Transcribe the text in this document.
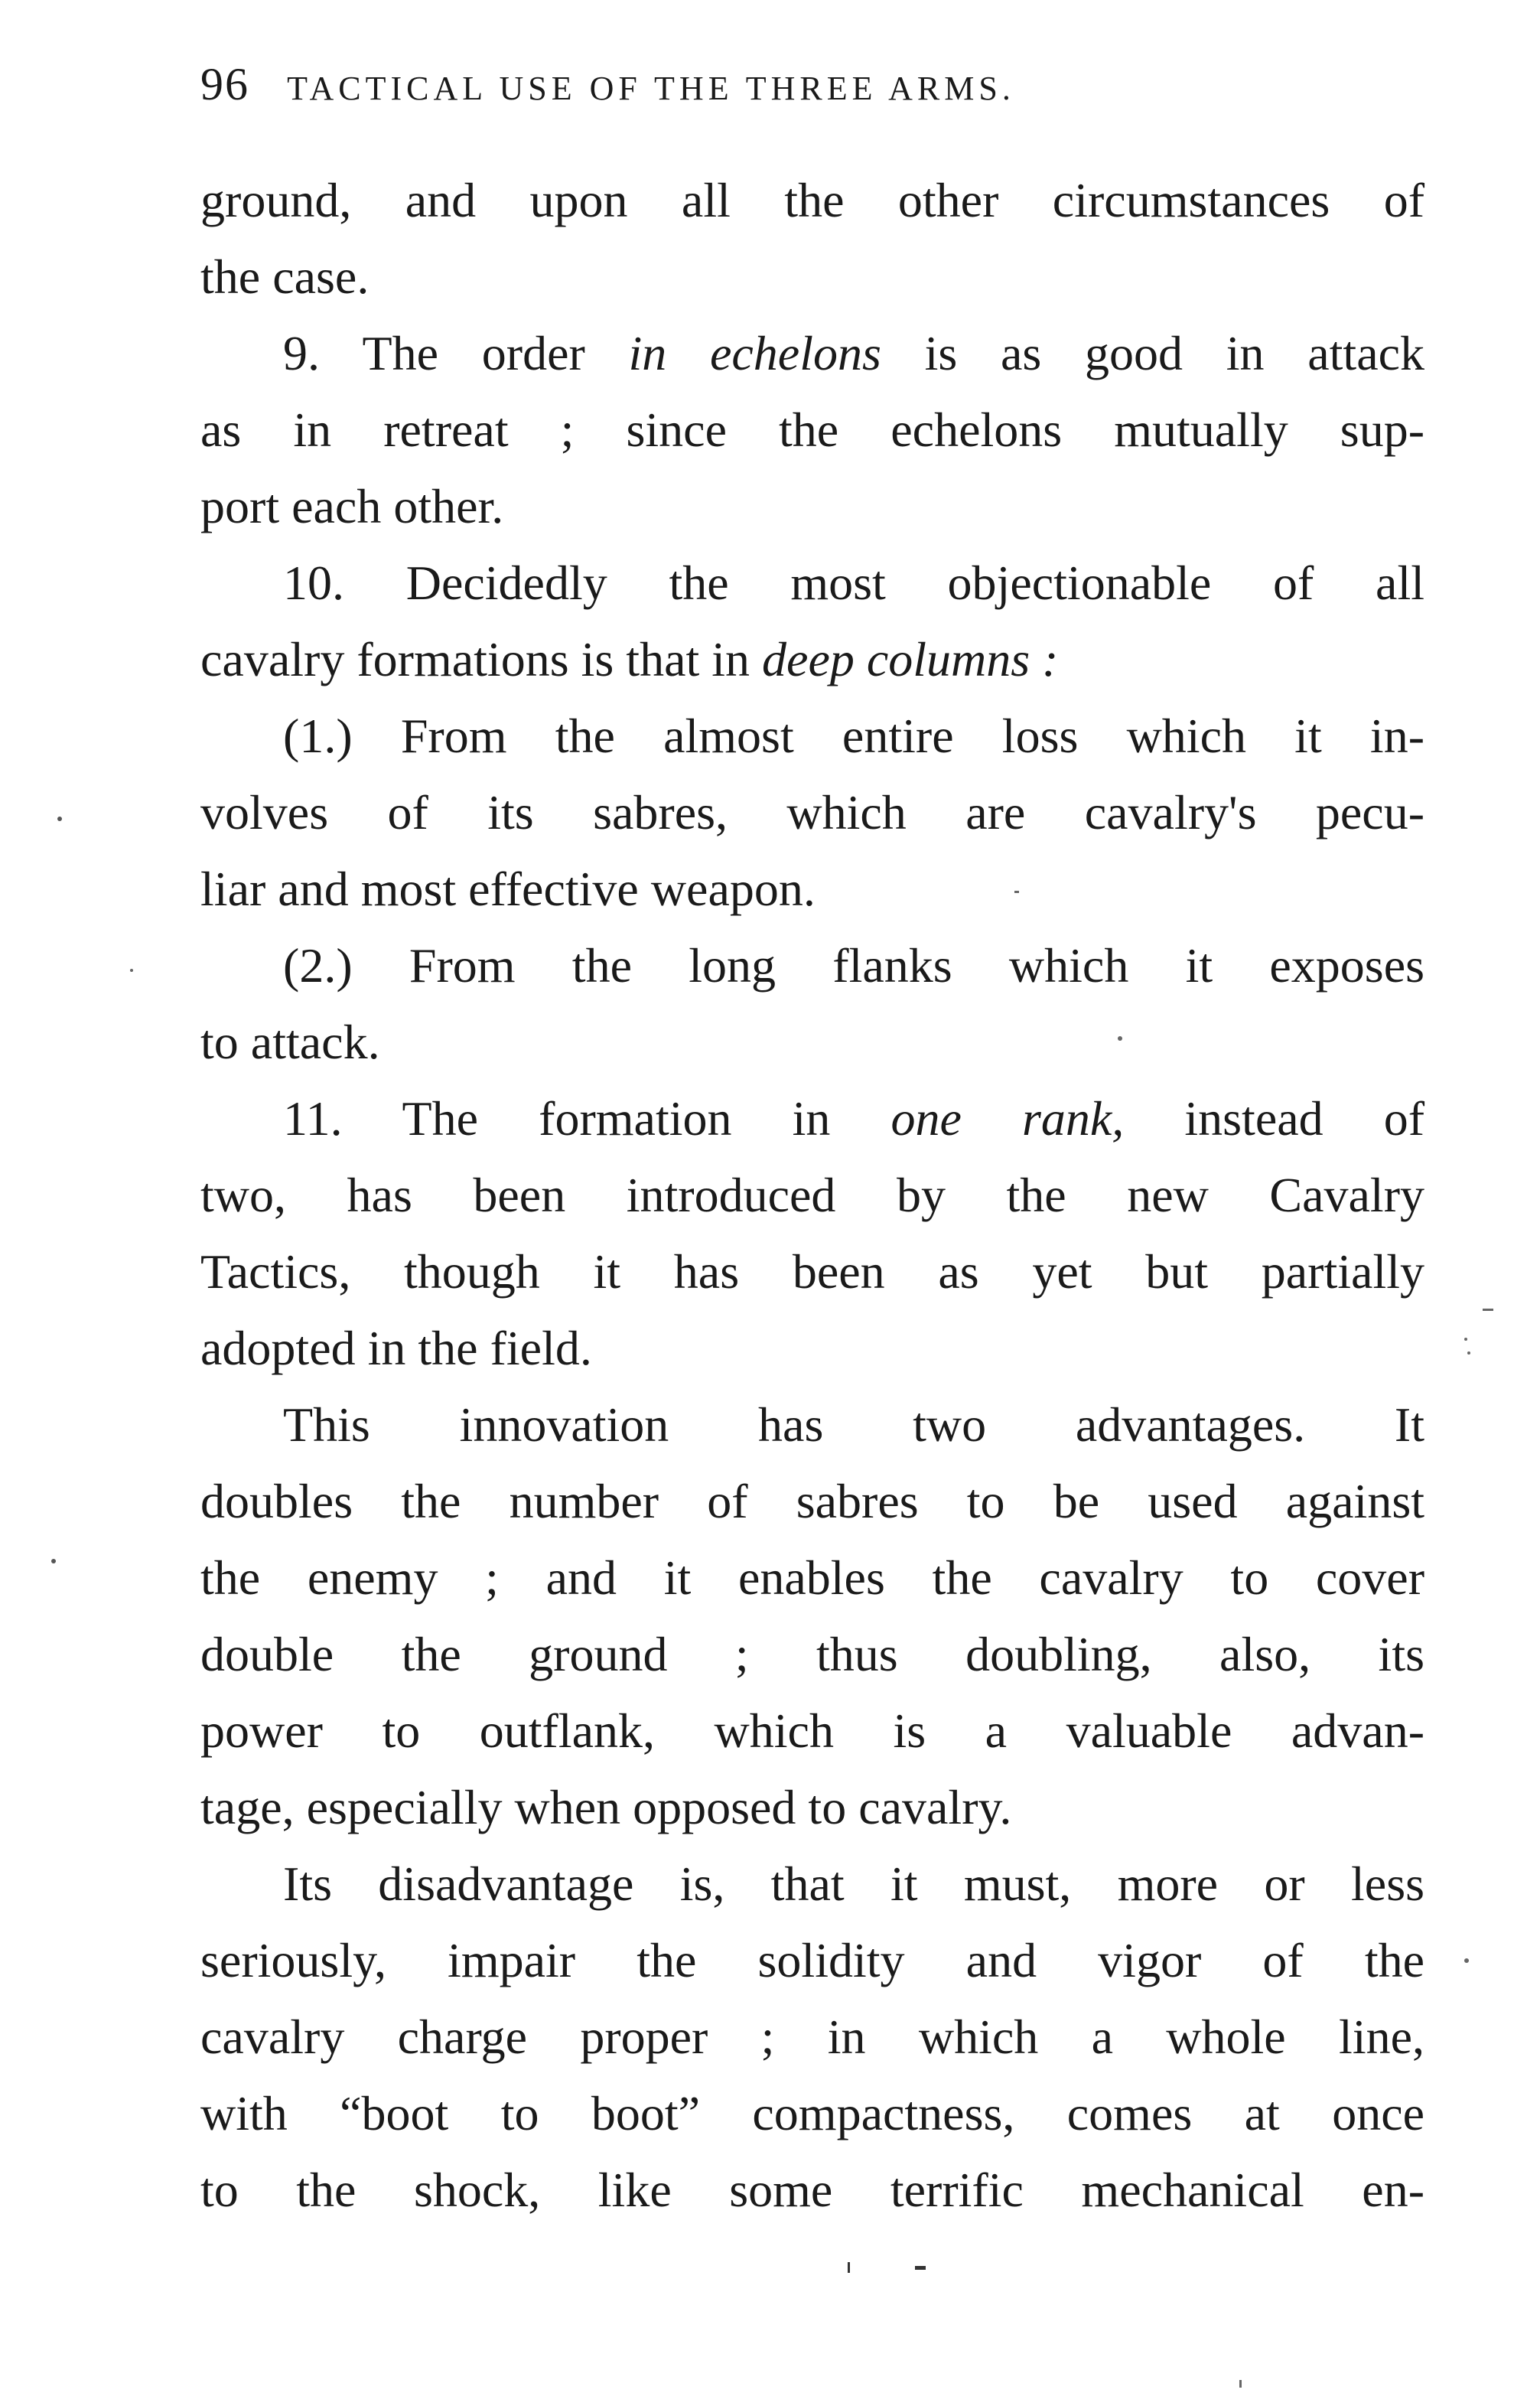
96 TACTICAL USE OF THE THREE ARMS.
ground, and upon all the other circumstances of
the case.
9. The order in echelons is as good in attack
as in retreat ; since the echelons mutually sup-
port each other.
10. Decidedly the most objectionable of all
cavalry formations is that in deep columns :
(1.) From the almost entire loss which it in-
volves of its sabres, which are cavalry's pecu-
liar and most effective weapon.
(2.) From the long flanks which it exposes
to attack.
11. The formation in one rank, instead of
two, has been introduced by the new Cavalry
Tactics, though it has been as yet but partially
adopted in the field.
This innovation has two advantages. It
doubles the number of sabres to be used against
the enemy ; and it enables the cavalry to cover
double the ground ; thus doubling, also, its
power to outflank, which is a valuable advan-
tage, especially when opposed to cavalry.
Its disadvantage is, that it must, more or less
seriously, impair the solidity and vigor of the
cavalry charge proper ; in which a whole line,
with “boot to boot” compactness, comes at once
to the shock, like some terrific mechanical en-
